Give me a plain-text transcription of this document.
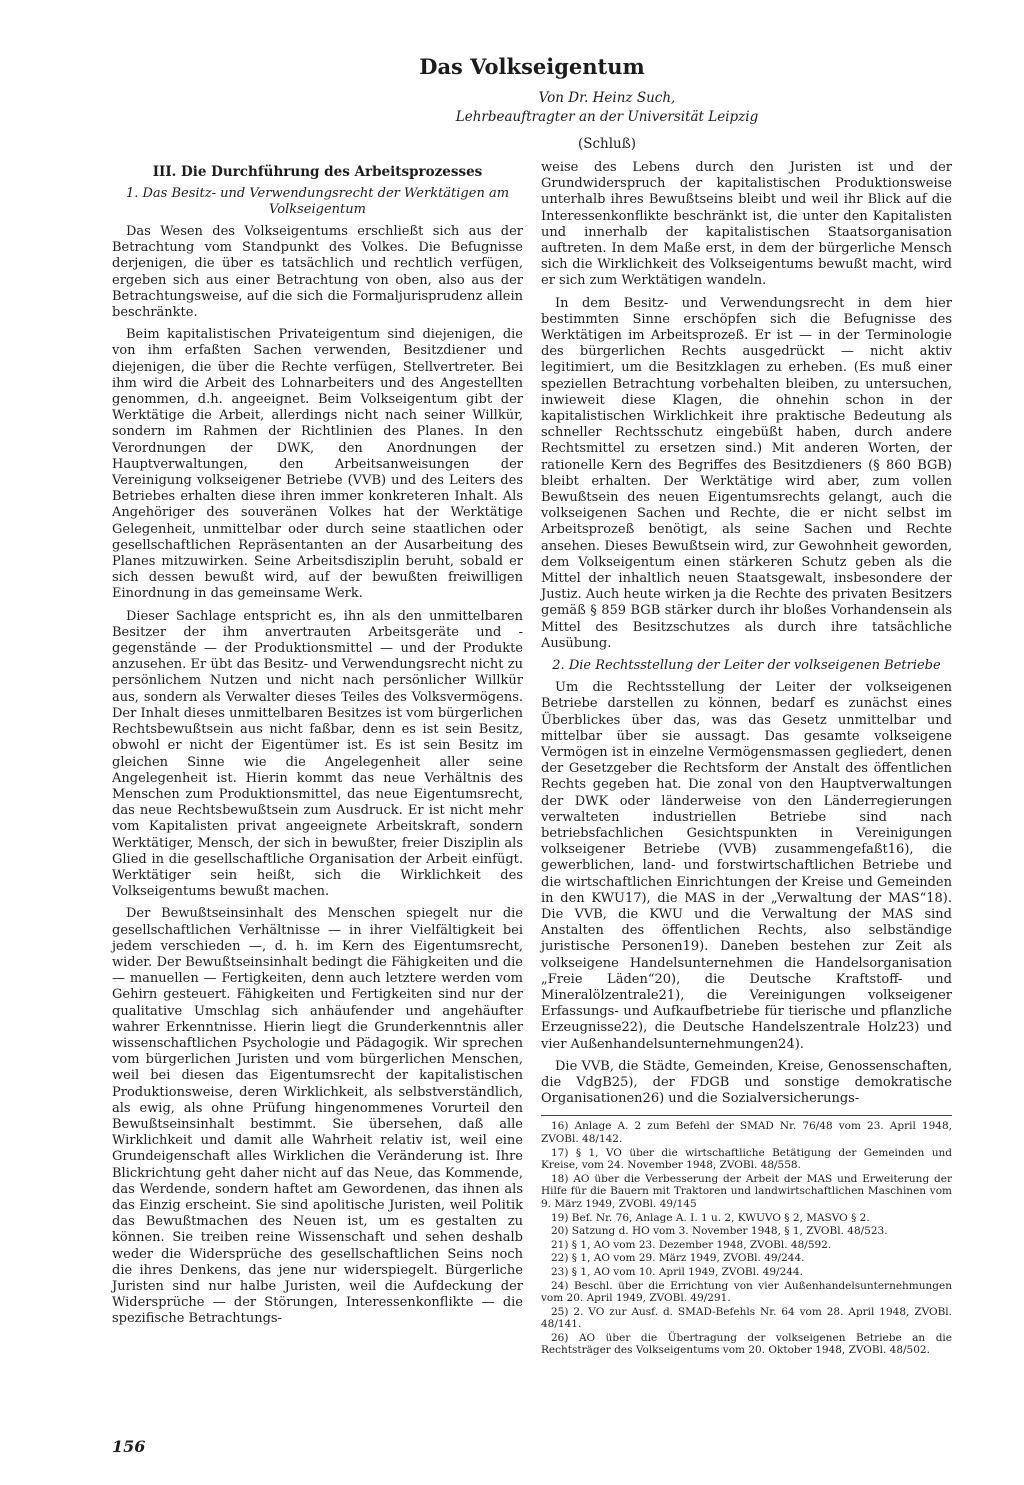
Das Volkseigentum
Von Dr. Heinz Such,
Lehrbeauftragter an der Universität Leipzig
(Schluß)
III. Die Durchführung des Arbeitsprozesses
1. Das Besitz- und Verwendungsrecht der Werktätigen am Volkseigentum

Das Wesen des Volkseigentums erschließt sich aus der Betrachtung vom Standpunkt des Volkes. Die Befugnisse derjenigen, die über es tatsächlich und rechtlich verfügen, ergeben sich aus einer Betrachtung von oben, also aus der Betrachtungsweise, auf die sich die Formaljurisprudenz allein beschränkte.

Beim kapitalistischen Privateigentum sind diejenigen, die von ihm erfaßten Sachen verwenden, Besitzdiener und diejenigen, die über die Rechte verfügen, Stellvertreter. Bei ihm wird die Arbeit des Lohnarbeiters und des Angestellten genommen, d.h. angeeignet. Beim Volkseigentum gibt der Werktätige die Arbeit, allerdings nicht nach seiner Willkür, sondern im Rahmen der Richtlinien des Planes. In den Verordnungen der DWK, den Anordnungen der Hauptverwaltungen, den Arbeitsanweisungen der Vereinigung volkseigener Betriebe (VVB) und des Leiters des Betriebes erhalten diese ihren immer konkreteren Inhalt. Als Angehöriger des souveränen Volkes hat der Werktätige Gelegenheit, unmittelbar oder durch seine staatlichen oder gesellschaftlichen Repräsentanten an der Ausarbeitung des Planes mitzuwirken. Seine Arbeitsdisziplin beruht, sobald er sich dessen bewußt wird, auf der bewußten freiwilligen Einordnung in das gemeinsame Werk.

Dieser Sachlage entspricht es, ihn als den unmittelbaren Besitzer der ihm anvertrauten Arbeitsgeräte und -gegenstände — der Produktionsmittel — und der Produkte anzusehen. Er übt das Besitz- und Verwendungsrecht nicht zu persönlichem Nutzen und nicht nach persönlicher Willkür aus, sondern als Verwalter dieses Teiles des Volksvermögens. Der Inhalt dieses unmittelbaren Besitzes ist vom bürgerlichen Rechtsbewußtsein aus nicht faßbar, denn es ist sein Besitz, obwohl er nicht der Eigentümer ist. Es ist sein Besitz im gleichen Sinne wie die Angelegenheit aller seine Angelegenheit ist. Hierin kommt das neue Verhältnis des Menschen zum Produktionsmittel, das neue Eigentumsrecht, das neue Rechtsbewußtsein zum Ausdruck. Er ist nicht mehr vom Kapitalisten privat angeeignete Arbeitskraft, sondern Werktätiger, Mensch, der sich in bewußter, freier Disziplin als Glied in die gesellschaftliche Organisation der Arbeit einfügt. Werktätiger sein heißt, sich die Wirklichkeit des Volkseigentums bewußt machen.

Der Bewußtseinsinhalt des Menschen spiegelt nur die gesellschaftlichen Verhältnisse — in ihrer Vielfältigkeit bei jedem verschieden —, d. h. im Kern des Eigentumsrecht, wider. Der Bewußtseinsinhalt bedingt die Fähigkeiten und die — manuellen — Fertigkeiten, denn auch letztere werden vom Gehirn gesteuert. Fähigkeiten und Fertigkeiten sind nur der qualitative Umschlag sich anhäufender und angehäufter wahrer Erkenntnisse. Hierin liegt die Grunderkenntnis aller wissenschaftlichen Psychologie und Pädagogik. Wir sprechen vom bürgerlichen Juristen und vom bürgerlichen Menschen, weil bei diesen das Eigentumsrecht der kapitalistischen Produktionsweise, deren Wirklichkeit, als selbstverständlich, als ewig, als ohne Prüfung hingenommenes Vorurteil den Bewußtseinsinhalt bestimmt. Sie übersehen, daß alle Wirklichkeit und damit alle Wahrheit relativ ist, weil eine Grundeigenschaft alles Wirklichen die Veränderung ist. Ihre Blickrichtung geht daher nicht auf das Neue, das Kommende, das Werdende, sondern haftet am Gewordenen, das ihnen als das Einzig erscheint. Sie sind apolitische Juristen, weil Politik das Bewußtmachen des Neuen ist, um es gestalten zu können. Sie treiben reine Wissenschaft und sehen deshalb weder die Widersprüche des gesellschaftlichen Seins noch die ihres Denkens, das jene nur widerspiegelt. Bürgerliche Juristen sind nur halbe Juristen, weil die Aufdeckung der Widersprüche — der Störungen, Interessenkonflikte — die spezifische Betrachtungs-

weise des Lebens durch den Juristen ist und der Grundwiderspruch der kapitalistischen Produktionsweise unterhalb ihres Bewußtseins bleibt und weil ihr Blick auf die Interessenkonflikte beschränkt ist, die unter den Kapitalisten und innerhalb der kapitalistischen Staatsorganisation auftreten. In dem Maße erst, in dem der bürgerliche Mensch sich die Wirklichkeit des Volkseigentums bewußt macht, wird er sich zum Werktätigen wandeln.

In dem Besitz- und Verwendungsrecht in dem hier bestimmten Sinne erschöpfen sich die Befugnisse des Werktätigen im Arbeitsprozeß. Er ist — in der Terminologie des bürgerlichen Rechts ausgedrückt — nicht aktiv legitimiert, um die Besitzklagen zu erheben. (Es muß einer speziellen Betrachtung vorbehalten bleiben, zu untersuchen, inwieweit diese Klagen, die ohnehin schon in der kapitalistischen Wirklichkeit ihre praktische Bedeutung als schneller Rechtsschutz eingebüßt haben, durch andere Rechtsmittel zu ersetzen sind.) Mit anderen Worten, der rationelle Kern des Begriffes des Besitzdieners (§ 860 BGB) bleibt erhalten. Der Werktätige wird aber, zum vollen Bewußtsein des neuen Eigentumsrechts gelangt, auch die volkseigenen Sachen und Rechte, die er nicht selbst im Arbeitsprozeß benötigt, als seine Sachen und Rechte ansehen. Dieses Bewußtsein wird, zur Gewohnheit geworden, dem Volkseigentum einen stärkeren Schutz geben als die Mittel der inhaltlich neuen Staatsgewalt, insbesondere der Justiz. Auch heute wirken ja die Rechte des privaten Besitzers gemäß § 859 BGB stärker durch ihr bloßes Vorhandensein als Mittel des Besitzschutzes als durch ihre tatsächliche Ausübung.

2. Die Rechtsstellung der Leiter der volkseigenen Betriebe

Um die Rechtsstellung der Leiter der volkseigenen Betriebe darstellen zu können, bedarf es zunächst eines Überblickes über das, was das Gesetz unmittelbar und mittelbar über sie aussagt. Das gesamte volkseigene Vermögen ist in einzelne Vermögensmassen gegliedert, denen der Gesetzgeber die Rechtsform der Anstalt des öffentlichen Rechts gegeben hat. Die zonal von den Hauptverwaltungen der DWK oder länderweise von den Länderregierungen verwalteten industriellen Betriebe sind nach betriebsfachlichen Gesichtspunkten in Vereinigungen volkseigener Betriebe (VVB) zusammengefaßt16), die gewerblichen, land- und forstwirtschaftlichen Betriebe und die wirtschaftlichen Einrichtungen der Kreise und Gemeinden in den KWU17), die MAS in der „Verwaltung der MAS“18). Die VVB, die KWU und die Verwaltung der MAS sind Anstalten des öffentlichen Rechts, also selbständige juristische Personen19). Daneben bestehen zur Zeit als volkseigene Handelsunternehmen die Handelsorganisation „Freie Läden“20), die Deutsche Kraftstoff- und Mineralölzentrale21), die Vereinigungen volkseigener Erfassungs- und Aufkaufbetriebe für tierische und pflanzliche Erzeugnisse22), die Deutsche Handelszentrale Holz23) und vier Außenhandelsunternehmungen24).

Die VVB, die Städte, Gemeinden, Kreise, Genossenschaften, die VdgB25), der FDGB und sonstige demokratische Organisationen26) und die Sozialversicherungs-

16) Anlage A. 2 zum Befehl der SMAD Nr. 76/48 vom 23. April 1948, ZVOBl. 48/142.
17) § 1, VO über die wirtschaftliche Betätigung der Gemeinden und Kreise, vom 24. November 1948, ZVOBl. 48/558.
18) AO über die Verbesserung der Arbeit der MAS und Erweiterung der Hilfe für die Bauern mit Traktoren und landwirtschaftlichen Maschinen vom 9. März 1949, ZVOBl. 49/145
19) Bef. Nr. 76, Anlage A. I. 1 u. 2, KWUVO § 2, MASVO § 2.
20) Satzung d. HO vom 3. November 1948, § 1, ZVOBl. 48/523.
21) § 1, AO vom 23. Dezember 1948, ZVOBl. 48/592.
22) § 1, AO vom 29. März 1949, ZVOBl. 49/244.
23) § 1, AO vom 10. April 1949, ZVOBl. 49/244.
24) Beschl. über die Errichtung von vier Außenhandelsunternehmungen vom 20. April 1949, ZVOBl. 49/291.
25) 2. VO zur Ausf. d. SMAD-Befehls Nr. 64 vom 28. April 1948, ZVOBl. 48/141.
26) AO über die Übertragung der volkseigenen Betriebe an die Rechtsträger des Volkseigentums vom 20. Oktober 1948, ZVOBl. 48/502.
156
